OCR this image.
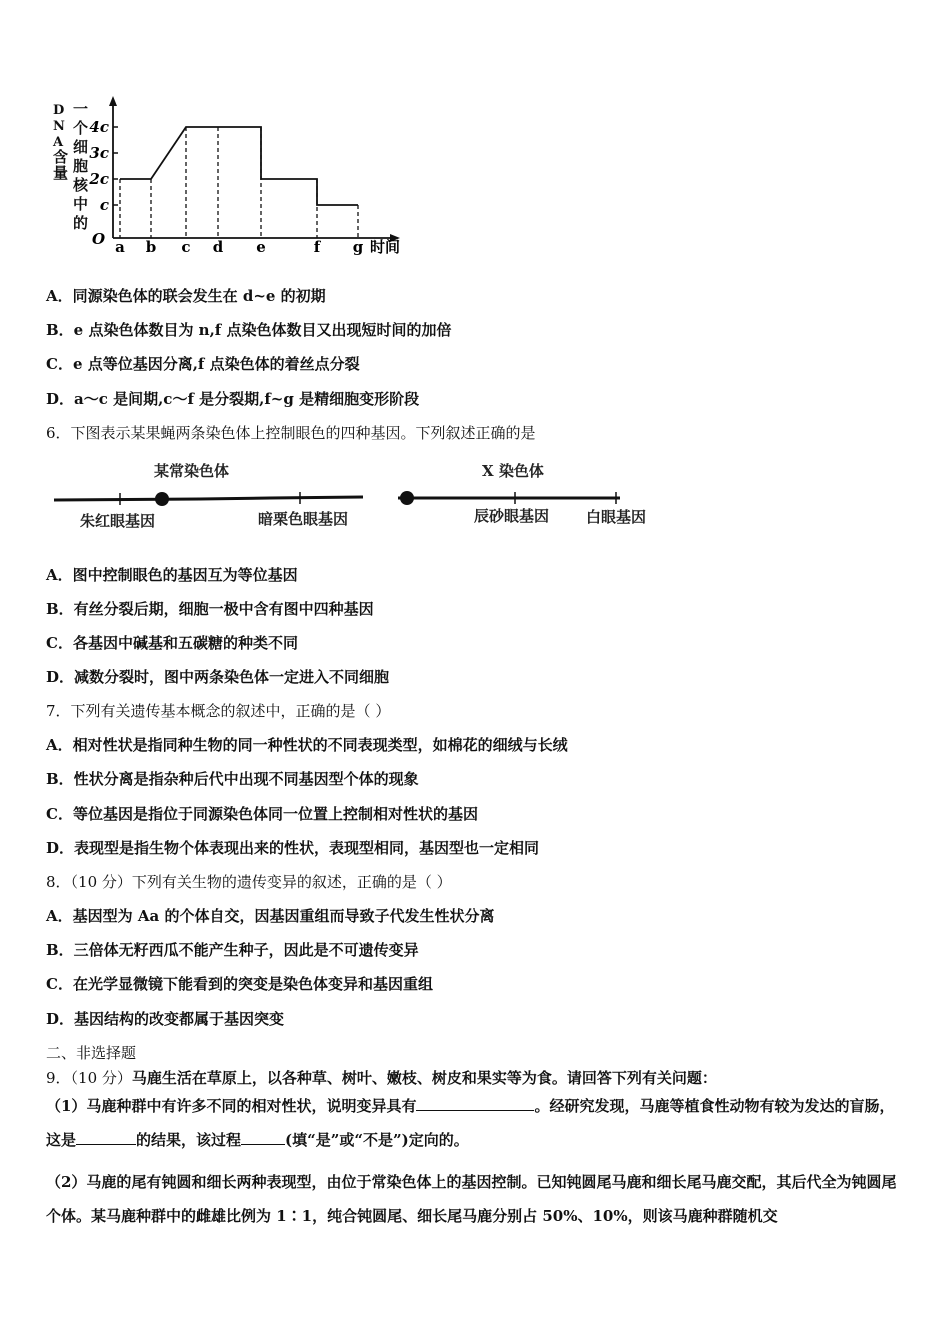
一个细胞核中的D N A 含量
O	时间
c
2c
3c
4c
a b c d e	f g
A．同源染色体的联会发生在 d~e 的初期
B．e 点染色体数目为 n,f 点染色体数目又出现短时间的加倍
C．e 点等位基因分离,f 点染色体的着丝点分裂
D．a～c 是间期,c～f 是分裂期,f~g 是精细胞变形阶段
6．下图表示某果蝇两条染色体上控制眼色的四种基因。下列叙述正确的是
某常染色体	X 染色体
朱红眼基因	暗栗色眼基因	辰砂眼基因 白眼基因
A．图中控制眼色的基因互为等位基因
B．有丝分裂后期，细胞一极中含有图中四种基因
C．各基因中碱基和五碳糖的种类不同
D．减数分裂时，图中两条染色体一定进入不同细胞
7．下列有关遗传基本概念的叙述中，正确的是（ ）
A．相对性状是指同种生物的同一种性状的不同表现类型，如棉花的细绒与长绒
B．性状分离是指杂种后代中出现不同基因型个体的现象
C．等位基因是指位于同源染色体同一位置上控制相对性状的基因
D．表现型是指生物个体表现出来的性状，表现型相同，基因型也一定相同
8．（10 分）下列有关生物的遗传变异的叙述，正确的是（ ）
A．基因型为 Aa 的个体自交，因基因重组而导致子代发生性状分离
B．三倍体无籽西瓜不能产生种子，因此是不可遗传变异
C．在光学显微镜下能看到的突变是染色体变异和基因重组
D．基因结构的改变都属于基因突变
二、非选择题
9．（10 分）马鹿生活在草原上，以各种草、树叶、嫩枝、树皮和果实等为食。请回答下列有关问题：
（1）马鹿种群中有许多不同的相对性状，说明变异具有	。经研究发现，马鹿等植食性动物有较为发达的盲肠，这是	的结果，该过程	(填“是”或“不是”)定向的。
（2）马鹿的尾有钝圆和细长两种表现型，由位于常染色体上的基因控制。已知钝圆尾马鹿和细长尾马鹿交配，其后代全为钝圆尾个体。某马鹿种群中的雌雄比例为 1∶1，纯合钝圆尾、细长尾马鹿分别占 50%、10%，则该马鹿种群随机交
